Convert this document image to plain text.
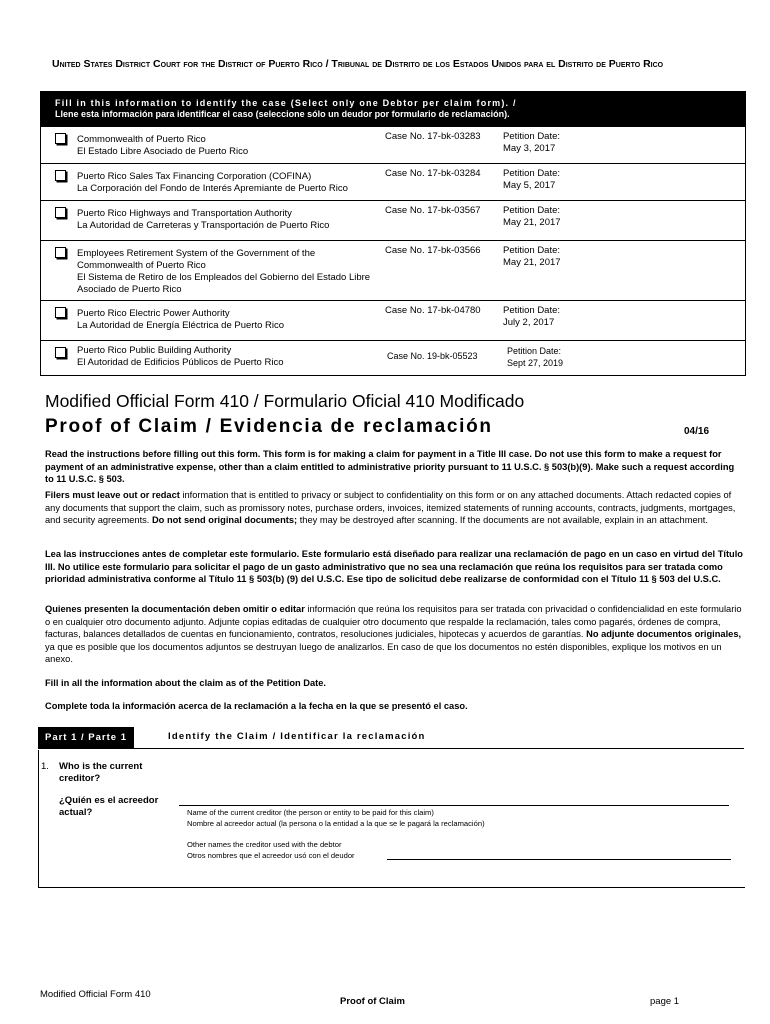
United States District Court for the District of Puerto Rico / Tribunal de Distrito de los Estados Unidos para el Distrito de Puerto Rico
Fill in this information to identify the case (Select only one Debtor per claim form). /
Llene esta información para identificar el caso (seleccione sólo un deudor por formulario de reclamación).
Commonwealth of Puerto Rico
El Estado Libre Asociado de Puerto Rico
Case No. 17-bk-03283 Petition Date:
May 3, 2017
Puerto Rico Sales Tax Financing Corporation (COFINA)
La Corporación del Fondo de Interés Apremiante de Puerto Rico
Case No. 17-bk-03284 Petition Date:
May 5, 2017
Puerto Rico Highways and Transportation Authority
La Autoridad de Carreteras y Transportación de Puerto Rico
Case No. 17-bk-03567 Petition Date:
May 21, 2017
Employees Retirement System of the Government of the Commonwealth of Puerto Rico
El Sistema de Retiro de los Empleados del Gobierno del Estado Libre Asociado de Puerto Rico
Case No. 17-bk-03566 Petition Date:
May 21, 2017
Puerto Rico Electric Power Authority
La Autoridad de Energía Eléctrica de Puerto Rico
Case No. 17-bk-04780 Petition Date:
July 2, 2017
Puerto Rico Public Building Authority
El Autoridad de Edificios Públicos de Puerto Rico
Case No. 19-bk-05523	Petition Date:
Sept 27, 2019
Modified Official Form 410 / Formulario Oficial 410 Modificado
Proof of Claim / Evidencia de reclamación	04/16
Read the instructions before filling out this form. This form is for making a claim for payment in a Title III case. Do not use this form to make a request for payment of an administrative expense, other than a claim entitled to administrative priority pursuant to 11 U.S.C. § 503(b)(9). Make such a request according to 11 U.S.C. § 503.
Filers must leave out or redact information that is entitled to privacy or subject to confidentiality on this form or on any attached documents. Attach redacted copies of any documents that support the claim, such as promissory notes, purchase orders, invoices, itemized statements of running accounts, contracts, judgments, mortgages, and security agreements. Do not send original documents; they may be destroyed after scanning. If the documents are not available, explain in an attachment.
Lea las instrucciones antes de completar este formulario. Este formulario está diseñado para realizar una reclamación de pago en un caso en virtud del Título III. No utilice este formulario para solicitar el pago de un gasto administrativo que no sea una reclamación que reúna los requisitos para ser tratada como prioridad administrativa conforme al Título 11 § 503(b) (9) del U.S.C. Ese tipo de solicitud debe realizarse de conformidad con el Título 11 § 503 del U.S.C.
Quienes presenten la documentación deben omitir o editar información que reúna los requisitos para ser tratada con privacidad o confidencialidad en este formulario o en cualquier otro documento adjunto. Adjunte copias editadas de cualquier otro documento que respalde la reclamación, tales como pagarés, órdenes de compra, facturas, balances detallados de cuentas en funcionamiento, contratos, resoluciones judiciales, hipotecas y acuerdos de garantías. No adjunte documentos originales, ya que es posible que los documentos adjuntos se destruyan luego de analizarlos. En caso de que los documentos no estén disponibles, explique los motivos en un anexo.
Fill in all the information about the claim as of the Petition Date.
Complete toda la información acerca de la reclamación a la fecha en la que se presentó el caso.
Part 1 / Parte 1	Identify the Claim / Identificar la reclamación
1. Who is the current creditor?
¿Quién es el acreedor actual?	Name of the current creditor (the person or entity to be paid for this claim)
Nombre al acreedor actual (la persona o la entidad a la que se le pagará la reclamación)
Other names the creditor used with the debtor
Otros nombres que el acreedor usó con el deudor
Modified Official Form 410
Proof of Claim	page 1
